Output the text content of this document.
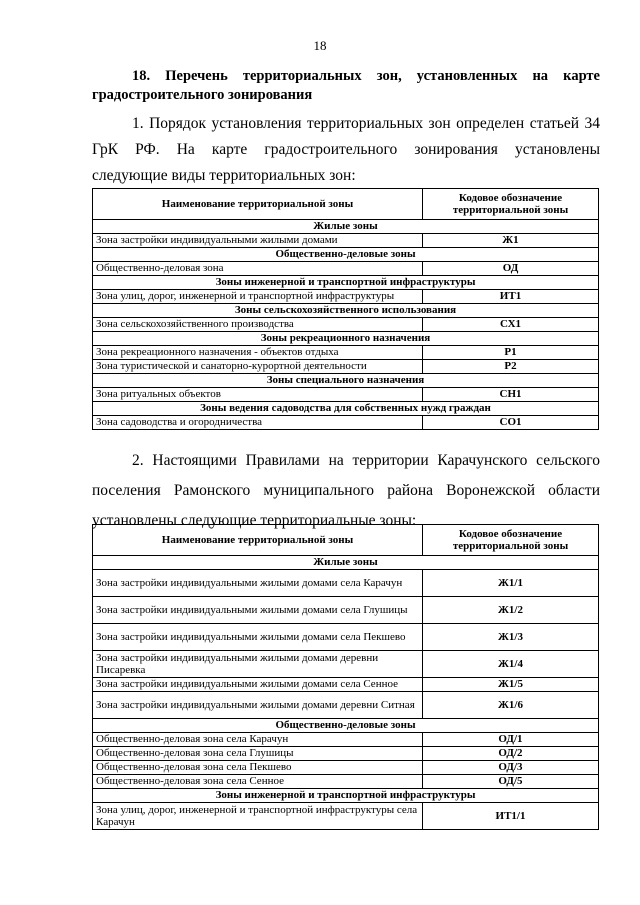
18
18. Перечень территориальных зон, установленных на карте градостроительного зонирования
1. Порядок установления территориальных зон определен статьей 34 ГрК РФ. На карте градостроительного зонирования установлены следующие виды территориальных зон:
Наименование территориальной зоны	Кодовое обозначение территориальной зоны
Жилые зоны	
Зона застройки индивидуальными жилыми домами	Ж1
Общественно-деловые зоны	
Общественно-деловая зона	ОД
Зоны инженерной и транспортной инфраструктуры	
Зона улиц, дорог, инженерной и транспортной инфраструктуры	ИТ1
Зоны сельскохозяйственного использования	
Зона сельскохозяйственного производства	СХ1
Зоны рекреационного назначения	
Зона рекреационного назначения - объектов отдыха	Р1
Зона туристической и санаторно-курортной деятельности	Р2
Зоны специального назначения	
Зона ритуальных объектов	СН1
Зоны ведения садоводства для собственных нужд граждан	
Зона садоводства и огородничества	СО1
2. Настоящими Правилами на территории Карачунского сельского поселения Рамонского муниципального района Воронежской области установлены следующие территориальные зоны:
Наименование территориальной зоны	Кодовое обозначение территориальной зоны
Жилые зоны	
Зона застройки индивидуальными жилыми домами села Карачун	Ж1/1
Зона застройки индивидуальными жилыми домами села Глушицы	Ж1/2
Зона застройки индивидуальными жилыми домами села Пекшево	Ж1/3
Зона застройки индивидуальными жилыми домами деревни Писаревка	Ж1/4
Зона застройки индивидуальными жилыми домами села Сенное	Ж1/5
Зона застройки индивидуальными жилыми домами деревни Ситная	Ж1/6
Общественно-деловые зоны	
Общественно-деловая зона села Карачун	ОД/1
Общественно-деловая зона села Глушицы	ОД/2
Общественно-деловая зона села Пекшево	ОД/3
Общественно-деловая зона села Сенное	ОД/5
Зоны инженерной и транспортной инфраструктуры	
Зона улиц, дорог, инженерной и транспортной инфраструктуры села Карачун	ИТ1/1
